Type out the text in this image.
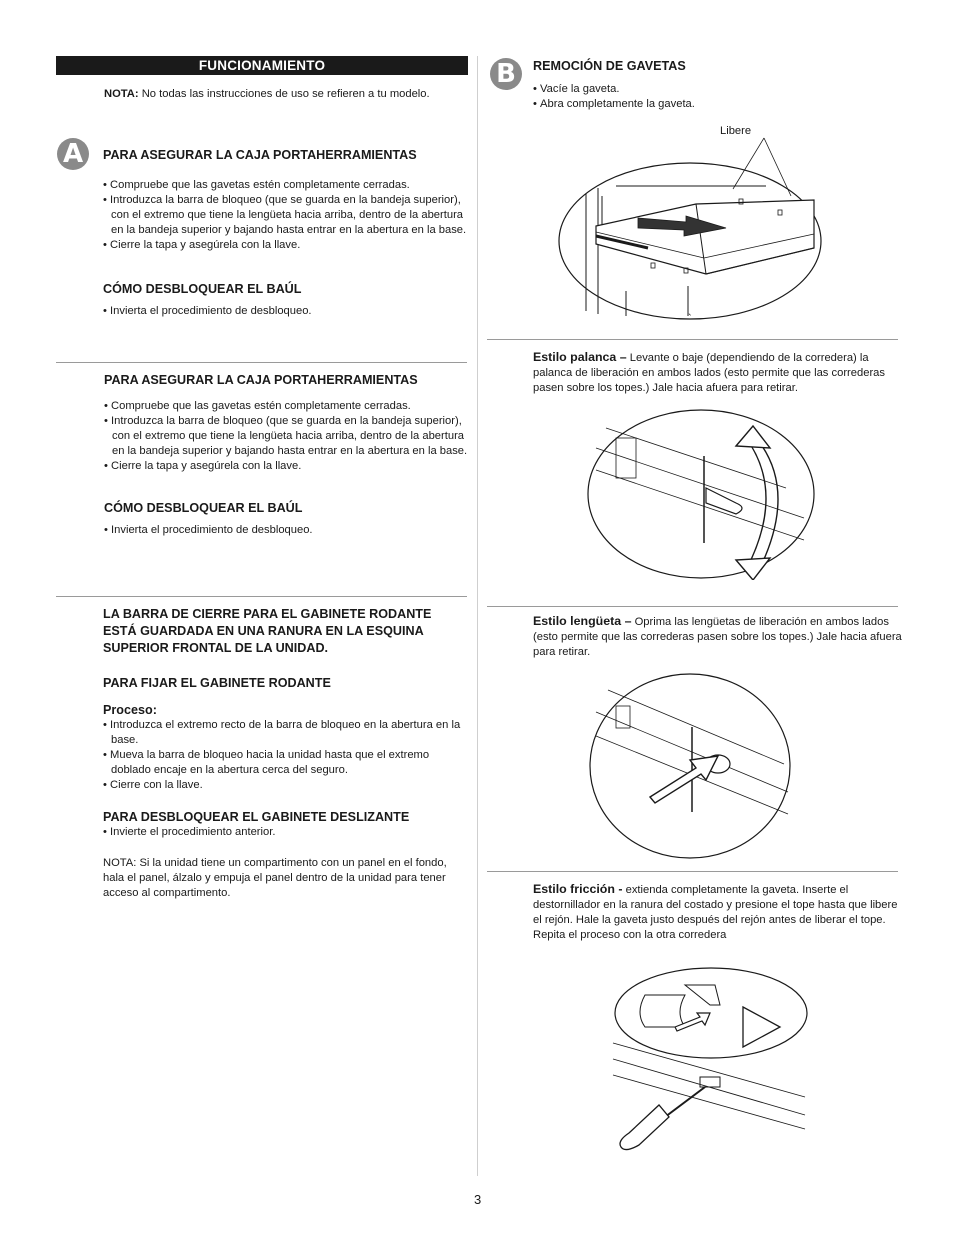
FUNCIONAMIENTO
NOTA: No todas las instrucciones de uso se refieren a tu modelo.
A	PARA ASEGURAR LA CAJA PORTAHERRAMIENTAS
• Compruebe que las gavetas estén completamente cerradas.
• Introduzca la barra de bloqueo (que se guarda en la bandeja superior), con el extremo que tiene la lengüeta hacia arriba, dentro de la abertura en la bandeja superior y bajando hasta entrar en la abertura en la base.
• Cierre la tapa y asegúrela con la llave.
CÓMO DESBLOQUEAR EL BAÚL
• Invierta el procedimiento de desbloqueo.
PARA ASEGURAR LA CAJA PORTAHERRAMIENTAS
• Compruebe que las gavetas estén completamente cerradas.
• Introduzca la barra de bloqueo (que se guarda en la bandeja superior), con el extremo que tiene la lengüeta hacia arriba, dentro de la abertura en la bandeja superior y bajando hasta entrar en la abertura en la base.
• Cierre la tapa y asegúrela con la llave.
CÓMO DESBLOQUEAR EL BAÚL
• Invierta el procedimiento de desbloqueo.
LA BARRA DE CIERRE PARA EL GABINETE RODANTE ESTÁ GUARDADA EN UNA RANURA EN LA ESQUINA SUPERIOR FRONTAL DE LA UNIDAD.
PARA FIJAR EL GABINETE RODANTE
Proceso:
• Introduzca el extremo recto de la barra de bloqueo en la abertura en la base.
• Mueva la barra de bloqueo hacia la unidad hasta que el extremo doblado encaje en la abertura cerca del seguro.
• Cierre con la llave.
PARA DESBLOQUEAR EL GABINETE DESLIZANTE
• Invierte el procedimiento anterior.
NOTA: Si la unidad tiene un compartimento con un panel en el fondo, hala el panel, álzalo y empuja el panel dentro de la unidad para tener acceso al compartimento.
B	REMOCIÓN DE GAVETAS
• Vacíe la gaveta.
• Abra completamente la gaveta.
Libere
`
Estilo palanca – Levante o baje (dependiendo de la corredera) la palanca de liberación en ambos lados (esto permite que las correderas pasen sobre los topes.) Jale hacia afuera para retirar.
Estilo lengüeta – Oprima las lengüetas de liberación en ambos lados (esto permite que las correderas pasen sobre los topes.) Jale hacia afuera para retirar.
Estilo fricción - extienda completamente la gaveta. Inserte el destornillador en la ranura del costado y presione el tope hasta que libere el rejón. Hale la gaveta justo después del rejón antes de liberar el tope. Repita el proceso con la otra corredera
3
